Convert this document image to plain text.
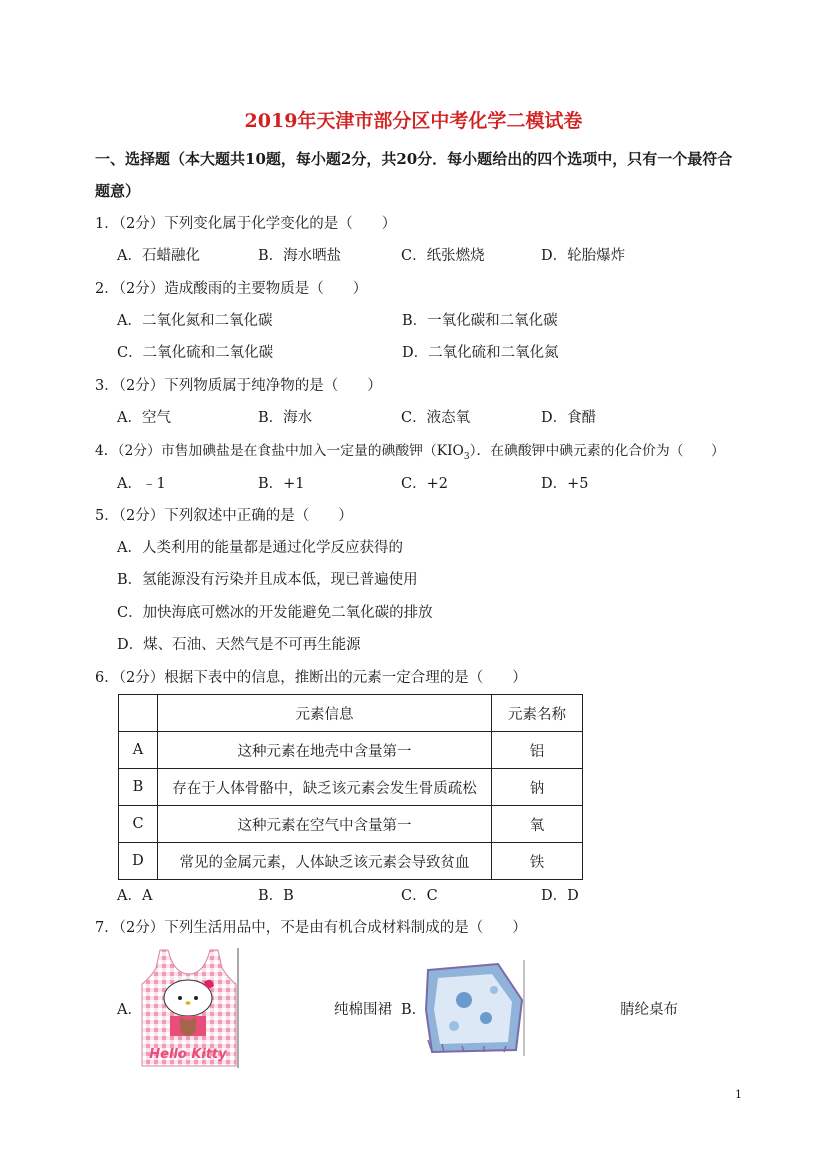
2019年天津市部分区中考化学二模试卷
一、选择题（本大题共10题，每小题2分，共20分．每小题给出的四个选项中，只有一个最符合
题意）
1．（2分）下列变化属于化学变化的是（　　）
A．石蜡融化	B．海水晒盐	C．纸张燃烧	D．轮胎爆炸
2．（2分）造成酸雨的主要物质是（　　）
A．二氧化氮和二氧化碳	B．一氧化碳和二氧化碳
C．二氧化硫和二氧化碳	D．二氧化硫和二氧化氮
3．（2分）下列物质属于纯净物的是（　　）
A．空气	B．海水	C．液态氧	D．食醋
4．（2分）市售加碘盐是在食盐中加入一定量的碘酸钾$(KIO_3)$．在碘酸钾中碘元素的化合价为（　　）
A．﹣1	B．+1	C．+2	D．+5
5．（2分）下列叙述中正确的是（　　）
A．人类利用的能量都是通过化学反应获得的
B．氢能源没有污染并且成本低，现已普遍使用
C．加快海底可燃冰的开发能避免二氧化碳的排放
D．煤、石油、天然气是不可再生能源
6．（2分）根据下表中的信息，推断出的元素一定合理的是（　　）
	元素信息	元素名称
A	这种元素在地壳中含量第一	铝
B	存在于人体骨骼中，缺乏该元素会发生骨质疏松	钠
C	这种元素在空气中含量第一	氧
D	常见的金属元素，人体缺乏该元素会导致贫血	铁
A．A	B．B	C．C	D．D
7．（2分）下列生活用品中，不是由有机合成材料制成的是（　　）
A．
Hello Kitty
纯棉围裙 B．	腈纶桌布
1
